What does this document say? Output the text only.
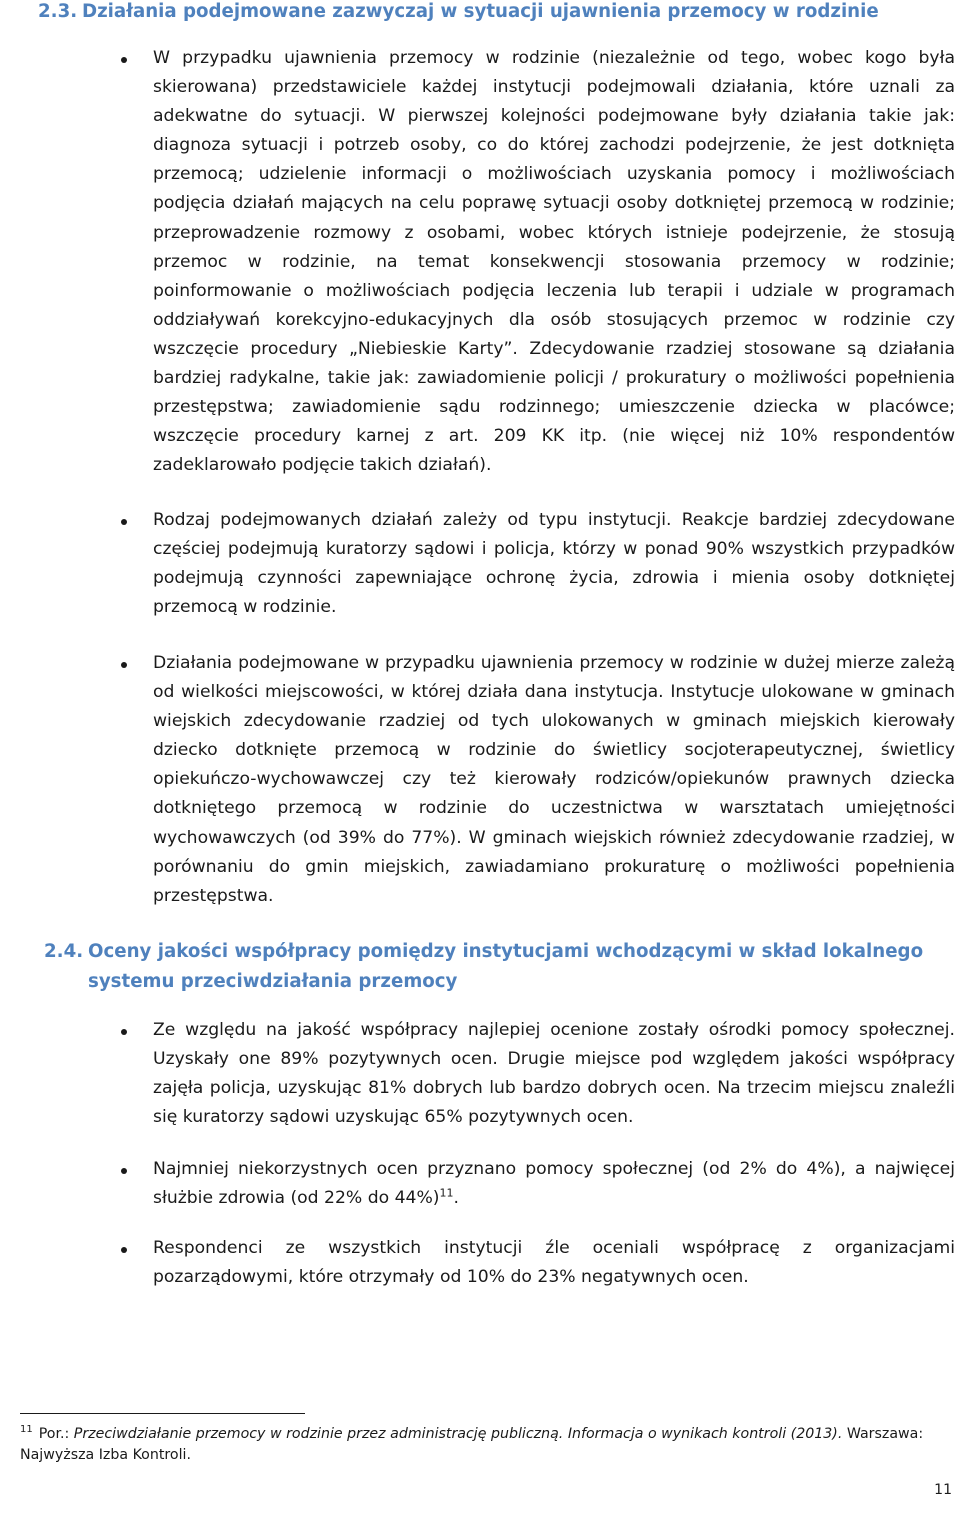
2.3. Działania podejmowane zazwyczaj w sytuacji ujawnienia przemocy w rodzinie
W przypadku ujawnienia przemocy w rodzinie (niezależnie od tego, wobec kogo była skierowana) przedstawiciele każdej instytucji podejmowali działania, które uznali za adekwatne do sytuacji. W pierwszej kolejności podejmowane były działania takie jak: diagnoza sytuacji i potrzeb osoby, co do której zachodzi podejrzenie, że jest dotknięta przemocą; udzielenie informacji o możliwościach uzyskania pomocy i możliwościach podjęcia działań mających na celu poprawę sytuacji osoby dotkniętej przemocą w rodzinie; przeprowadzenie rozmowy z osobami, wobec których istnieje podejrzenie, że stosują przemoc w rodzinie, na temat konsekwencji stosowania przemocy w rodzinie; poinformowanie o możliwościach podjęcia leczenia lub terapii i udziale w programach oddziaływań korekcyjno-edukacyjnych dla osób stosujących przemoc w rodzinie czy wszczęcie procedury „Niebieskie Karty”. Zdecydowanie rzadziej stosowane są działania bardziej radykalne, takie jak: zawiadomienie policji / prokuratury o możliwości popełnienia przestępstwa; zawiadomienie sądu rodzinnego; umieszczenie dziecka w placówce; wszczęcie procedury karnej z art. 209 KK itp. (nie więcej niż 10% respondentów zadeklarowało podjęcie takich działań).
Rodzaj podejmowanych działań zależy od typu instytucji. Reakcje bardziej zdecydowane częściej podejmują kuratorzy sądowi i policja, którzy w ponad 90% wszystkich przypadków podejmują czynności zapewniające ochronę życia, zdrowia i mienia osoby dotkniętej przemocą w rodzinie.
Działania podejmowane w przypadku ujawnienia przemocy w rodzinie w dużej mierze zależą od wielkości miejscowości, w której działa dana instytucja. Instytucje ulokowane w gminach wiejskich zdecydowanie rzadziej od tych ulokowanych w gminach miejskich kierowały dziecko dotknięte przemocą w rodzinie do świetlicy socjoterapeutycznej, świetlicy opiekuńczo-wychowawczej czy też kierowały rodziców/opiekunów prawnych dziecka dotkniętego przemocą w rodzinie do uczestnictwa w warsztatach umiejętności wychowawczych (od 39% do 77%). W gminach wiejskich również zdecydowanie rzadziej, w porównaniu do gmin miejskich, zawiadamiano prokuraturę o możliwości popełnienia przestępstwa.
2.4. Oceny jakości współpracy pomiędzy instytucjami wchodzącymi w skład lokalnego systemu przeciwdziałania przemocy
Ze względu na jakość współpracy najlepiej ocenione zostały ośrodki pomocy społecznej. Uzyskały one 89% pozytywnych ocen. Drugie miejsce pod względem jakości współpracy zajęła policja, uzyskując 81% dobrych lub bardzo dobrych ocen. Na trzecim miejscu znaleźli się kuratorzy sądowi uzyskując 65% pozytywnych ocen.
Najmniej niekorzystnych ocen przyznano pomocy społecznej (od 2% do 4%), a najwięcej służbie zdrowia (od 22% do 44%)$^{11}$.
Respondenci ze wszystkich instytucji źle oceniali współpracę z organizacjami pozarządowymi, które otrzymały od 10% do 23% negatywnych ocen.
$^{11}$ Por.: Przeciwdziałanie przemocy w rodzinie przez administrację publiczną. Informacja o wynikach kontroli (2013). Warszawa: Najwyższa Izba Kontroli.
11
